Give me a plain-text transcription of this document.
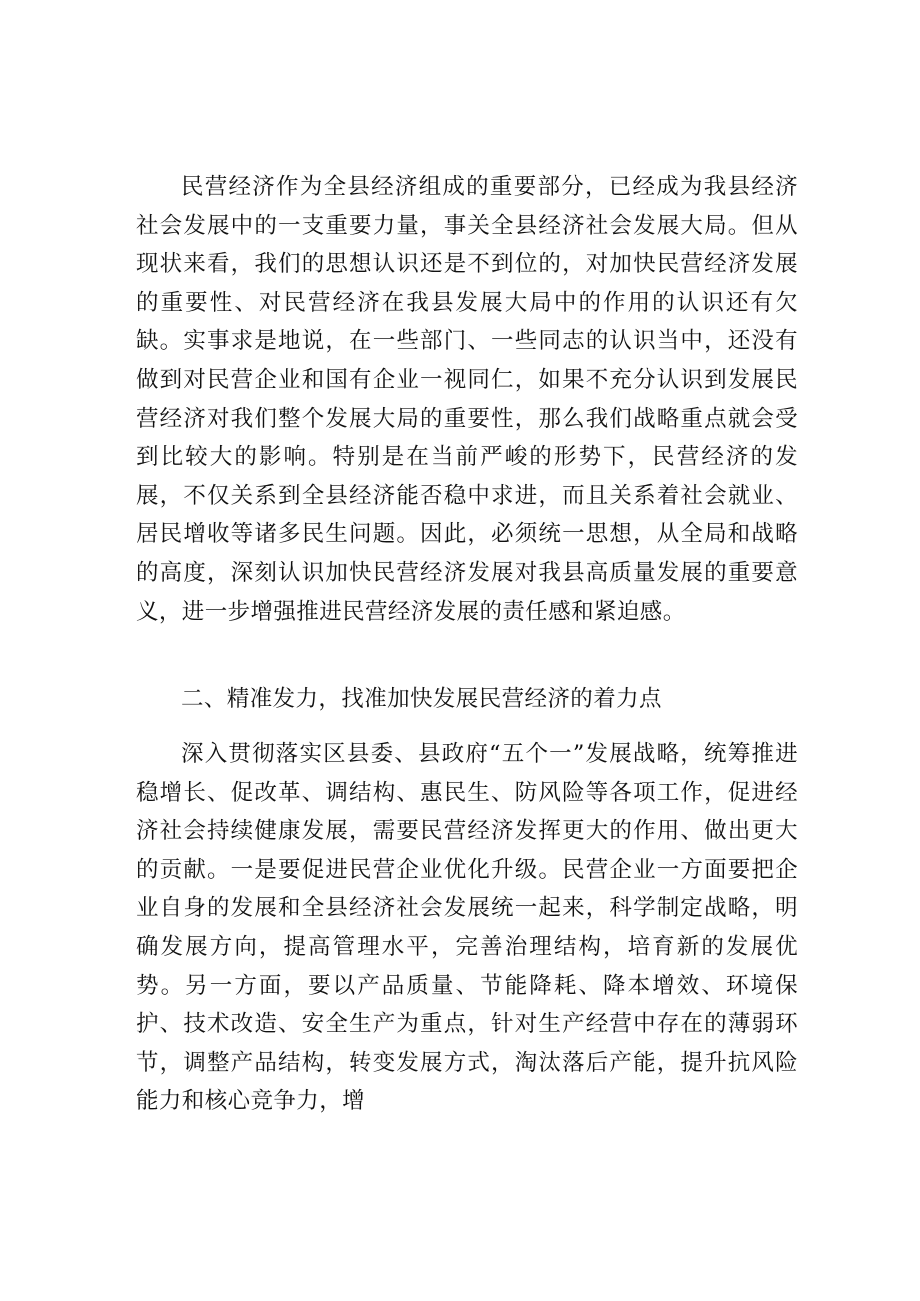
民营经济作为全县经济组成的重要部分，已经成为我县经济社会发展中的一支重要力量，事关全县经济社会发展大局。但从现状来看，我们的思想认识还是不到位的，对加快民营经济发展的重要性、对民营经济在我县发展大局中的作用的认识还有欠缺。实事求是地说，在一些部门、一些同志的认识当中，还没有做到对民营企业和国有企业一视同仁，如果不充分认识到发展民营经济对我们整个发展大局的重要性，那么我们战略重点就会受到比较大的影响。特别是在当前严峻的形势下，民营经济的发展，不仅关系到全县经济能否稳中求进，而且关系着社会就业、居民增收等诸多民生问题。因此，必须统一思想，从全局和战略的高度，深刻认识加快民营经济发展对我县高质量发展的重要意义，进一步增强推进民营经济发展的责任感和紧迫感。

二、精准发力，找准加快发展民营经济的着力点

深入贯彻落实区县委、县政府“五个一”发展战略，统筹推进稳增长、促改革、调结构、惠民生、防风险等各项工作，促进经济社会持续健康发展，需要民营经济发挥更大的作用、做出更大的贡献。一是要促进民营企业优化升级。民营企业一方面要把企业自身的发展和全县经济社会发展统一起来，科学制定战略，明确发展方向，提高管理水平，完善治理结构，培育新的发展优势。另一方面，要以产品质量、节能降耗、降本增效、环境保护、技术改造、安全生产为重点，针对生产经营中存在的薄弱环节，调整产品结构，转变发展方式，淘汰落后产能，提升抗风险能力和核心竞争力，增
